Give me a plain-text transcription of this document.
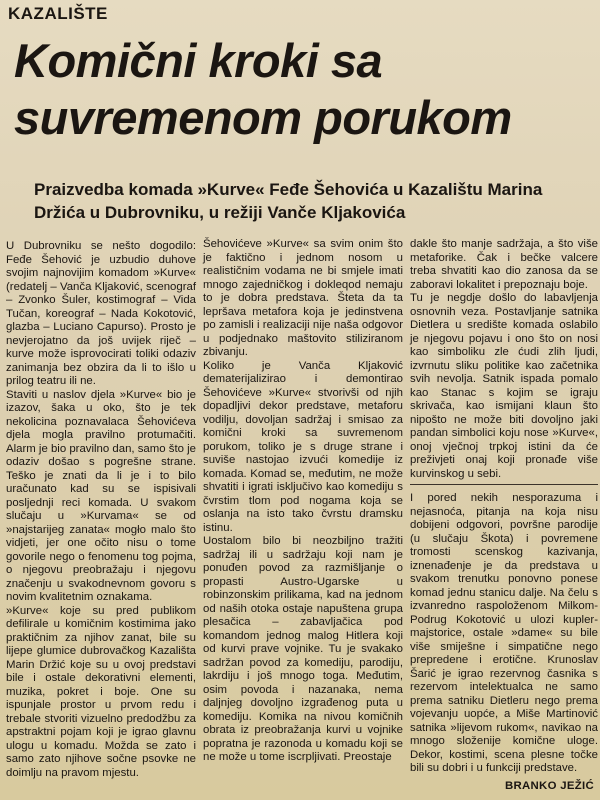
KAZALIŠTE
Komični kroki sa
suvremenom porukom
Praizvedba komada »Kurve« Feđe Šehovića u Kazalištu Marina Držića u Dubrovniku, u režiji Vanče Kljakovića
U Dubrovniku se nešto dogodilo: Feđe Šehović je uzbudio duhove svojim najnovijim komadom »Kurve« (redatelj – Vanča Kljaković, scenograf – Zvonko Šuler, kostimograf – Vida Tučan, koreograf – Nada Kokotović, glazba – Luciano Capurso). Prosto je nevjerojatno da još uvijek riječ – kurve može isprovocirati toliki odaziv zanimanja bez obzira da li to išlo u prilog teatru ili ne.
Staviti u naslov djela »Kurve« bio je izazov, šaka u oko, što je tek nekolicina poznavalaca Šehovićeva djela mogla pravilno protumačiti. Alarm je bio pravilno dan, samo što je odaziv došao s pogrešne strane. Teško je znati da li je i to bilo uračunato kad su se ispisivali posljednji reci komada. U svakom slučaju u »Kurvama« se od »najstarijeg zanata« mogło malo što vidjeti, jer one očito nisu o tome govorile nego o fenomenu tog pojma, o njegovu preobražaju i njegovu značenju u svakodnevnom govoru s novim kvalitetnim oznakama.
»Kurve« koje su pred publikom defilirale u komičnim kostimima jako praktičnim za njihov zanat, bile su lijepe glumice dubrovačkog Kazališta Marin Držić koje su u ovoj predstavi bile i ostale dekorativni elementi, muzika, pokret i boje. One su ispunjale prostor u prvom redu i trebale stvoriti vizuelno predodžbu za apstraktni pojam koji je igrao glavnu ulogu u komadu. Možda se zato i samo zato njihove sočne psovke ne doimlju na pravom mjestu.
Šehovićeve »Kurve« sa svim onim što je faktično i jednom nosom u realističnim vodama ne bi smjele imati mnogo zajedničkog i dokleqod nemaju to je dobra predstava. Šteta da ta lepršava metafora koja je jedinstvena po zamisli i realizaciji nije naša odgovor u podjednako maštovito stiliziranom zbivanju.
Koliko je Vanča Kljaković dematerijalizirao i demontirao Šehovićeve »Kurve« stvorivši od njih dopadljivi dekor predstave, metaforu vodilju, dovoljan sadržaj i smisao za komični kroki sa suvremenom porukom, toliko je s druge strane i suviše nastojao izvući komedije iz komada. Komad se, međutim, ne može shvatiti i igrati isključivo kao komediju s čvrstim tlom pod nogama koja se oslanja na isto tako čvrstu dramsku istinu.
Uostalom bilo bi neozbiljno tražiti sadržaj ili u sadržaju koji nam je ponuđen povod za razmišljanje o propasti Austro-Ugarske u robinzonskim prilikama, kad na jednom od naših otoka ostaje napuštena grupa plesačica – zabavljačica pod komandom jednog malog Hitlera koji od kurvi prave vojnike. Tu je svakako sadržan povod za komediju, parodiju, lakrdiju i još mnogo toga. Međutim, osim povoda i nazanaka, nema daljnjeg dovoljno izgrađenog puta u komediju. Komika na nivou komičnih obrata iz preobražanja kurvi u vojnike popratna je razonoda u komadu koji se ne može u tome iscrpljivati. Preostaje
dakle što manje sadržaja, a što više metaforike. Čak i bečke valcere treba shvatiti kao dio zanosa da se zaboravi lokalitet i prepoznaju boje.
Tu je negdje došlo do labavljenja osnovnih veza. Postavljanje satnika Dietlera u središte komada oslabilo je njegovu pojavu i ono što on nosi kao simboliku zle ćudi zlih ljudi, izvrnutu sliku politike kao začetnika svih nevolja. Satnik ispada pomalo kao Stanac s kojim se igraju skrivača, kao ismijani klaun što nipošto ne može biti dovoljno jaki pandan simbolici koju nose »Kurve«, onoj vječnoj trpkoj istini da će preživjeti onaj koji pronađe više kurvinskog u sebi.
I pored nekih nesporazuma i nejasnoća, pitanja na koja nisu dobijeni odgovori, površne parodije (u slučaju Škota) i povremene tromosti scenskog kazivanja, iznenađenje je da predstava u svakom trenutku ponovno ponese komad jednu stanicu dalje. Na čelu s izvanredno raspoloženom Milkom-Podrug Kokotović u ulozi kupler-majstorice, ostale »dame« su bile više smiješne i simpatične nego prepredene i erotične. Krunoslav Šarić je igrao rezervnog časnika s rezervom intelektualca ne samo prema satniku Dietleru nego prema vojevanju uopće, a Miše Martinović satnika »lijevom rukom«, navikao na mnogo složenije komične uloge. Dekor, kostimi, scena plesne točke bili su dobri i u funkciji predstave.
BRANKO JEŽIĆ
